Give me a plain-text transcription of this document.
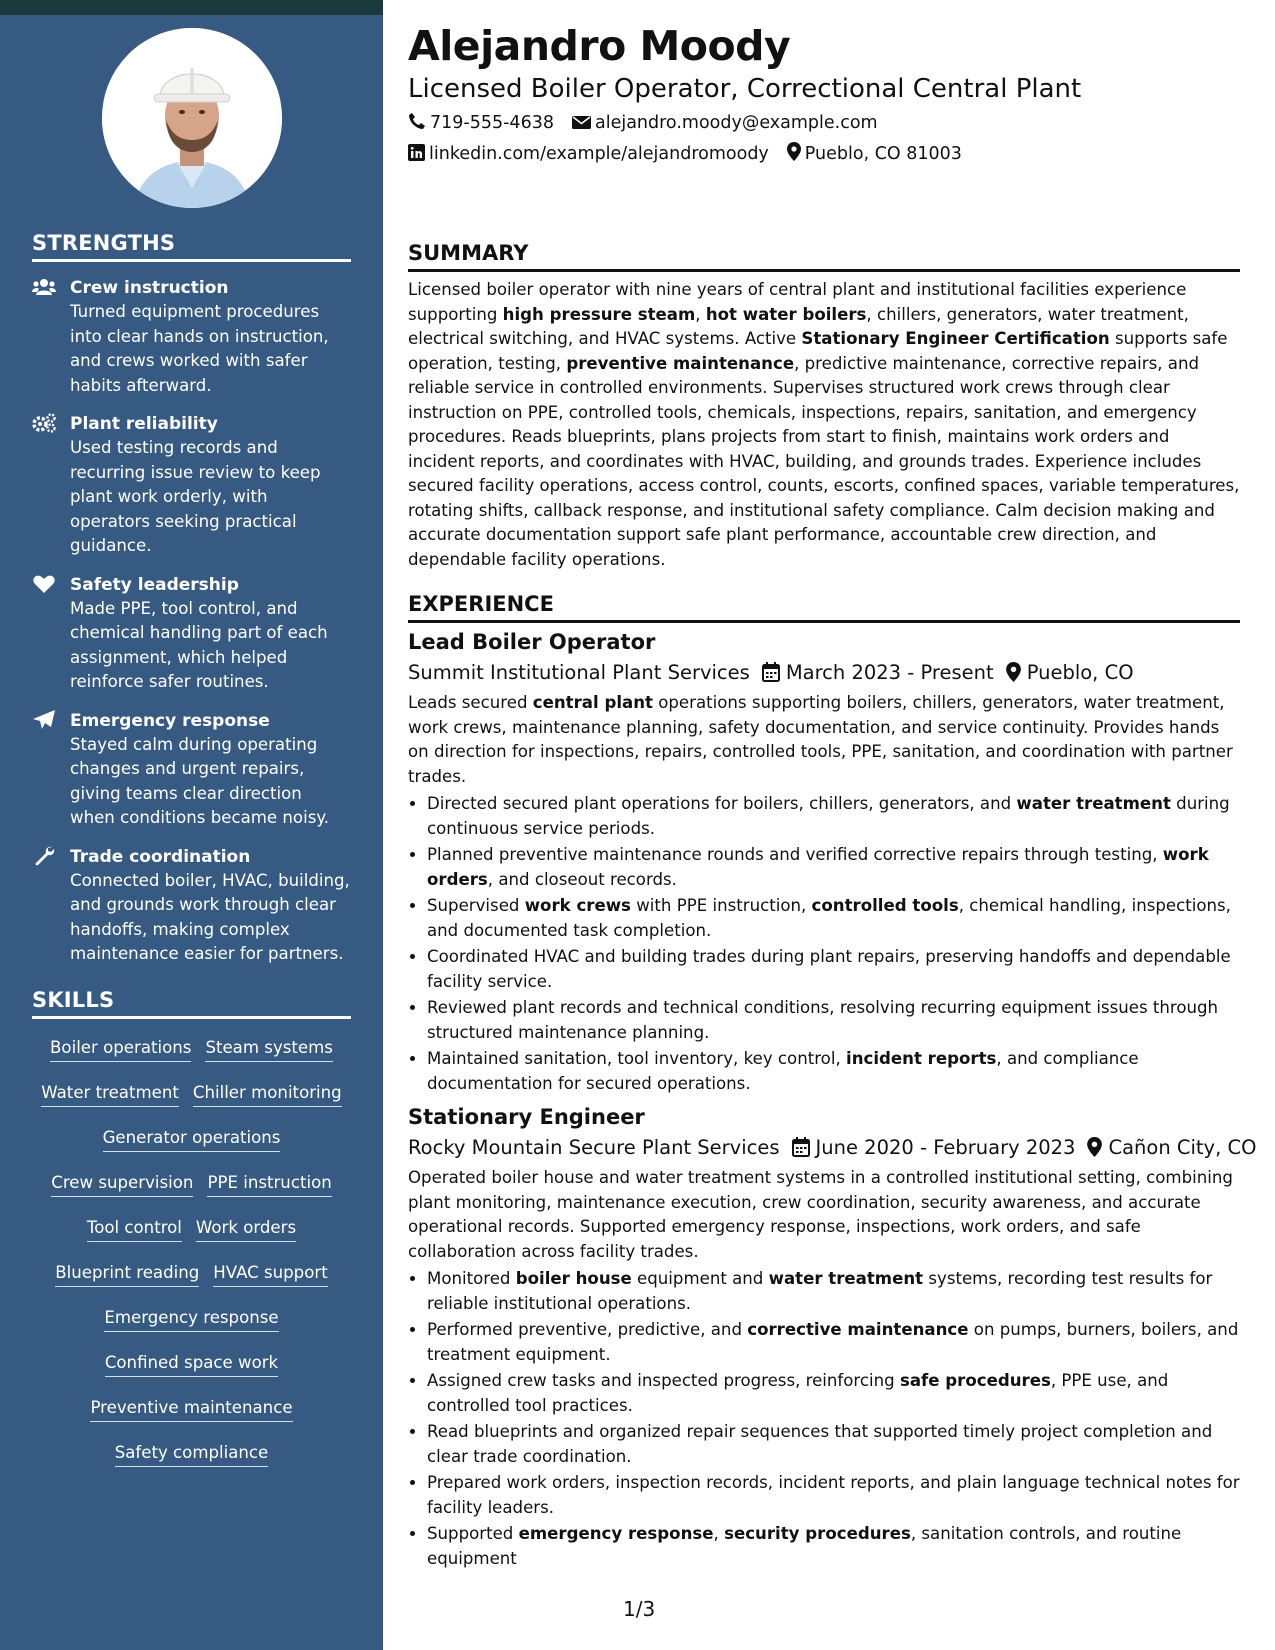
STRENGTHS
Crew instruction
Turned equipment procedures into clear hands on instruction, and crews worked with safer habits afterward.
Plant reliability
Used testing records and recurring issue review to keep plant work orderly, with operators seeking practical guidance.
Safety leadership
Made PPE, tool control, and chemical handling part of each assignment, which helped reinforce safer routines.
Emergency response
Stayed calm during operating changes and urgent repairs, giving teams clear direction when conditions became noisy.
Trade coordination
Connected boiler, HVAC, building, and grounds work through clear handoffs, making complex maintenance easier for partners.
SKILLS
Boiler operations Steam systems
Water treatment Chiller monitoring
Generator operations
Crew supervision PPE instruction
Tool control Work orders
Blueprint reading HVAC support
Emergency response
Confined space work
Preventive maintenance
Safety compliance
Alejandro Moody
Licensed Boiler Operator, Correctional Central Plant
719-555-4638 alejandro.moody@example.com
linkedin.com/example/alejandromoody Pueblo, CO 81003
SUMMARY

Licensed boiler operator with nine years of central plant and institutional facilities experience supporting high pressure steam, hot water boilers, chillers, generators, water treatment, electrical switching, and HVAC systems. Active Stationary Engineer Certification supports safe operation, testing, preventive maintenance, predictive maintenance, corrective repairs, and reliable service in controlled environments. Supervises structured work crews through clear instruction on PPE, controlled tools, chemicals, inspections, repairs, sanitation, and emergency procedures. Reads blueprints, plans projects from start to finish, maintains work orders and incident reports, and coordinates with HVAC, building, and grounds trades. Experience includes secured facility operations, access control, counts, escorts, confined spaces, variable temperatures, rotating shifts, callback response, and institutional safety compliance. Calm decision making and accurate documentation support safe plant performance, accountable crew direction, and dependable facility operations.

EXPERIENCE
Lead Boiler Operator
Summit Institutional Plant Services March 2023 - Present Pueblo, CO

Leads secured central plant operations supporting boilers, chillers, generators, water treatment, work crews, maintenance planning, safety documentation, and service continuity. Provides hands on direction for inspections, repairs, controlled tools, PPE, sanitation, and coordination with partner trades.

• Directed secured plant operations for boilers, chillers, generators, and water treatment during continuous service periods.
• Planned preventive maintenance rounds and verified corrective repairs through testing, work orders, and closeout records.
• Supervised work crews with PPE instruction, controlled tools, chemical handling, inspections, and documented task completion.
• Coordinated HVAC and building trades during plant repairs, preserving handoffs and dependable facility service.
• Reviewed plant records and technical conditions, resolving recurring equipment issues through structured maintenance planning.
• Maintained sanitation, tool inventory, key control, incident reports, and compliance documentation for secured operations.
Stationary Engineer
Rocky Mountain Secure Plant Services June 2020 - February 2023 Cañon City, CO

Operated boiler house and water treatment systems in a controlled institutional setting, combining plant monitoring, maintenance execution, crew coordination, security awareness, and accurate operational records. Supported emergency response, inspections, work orders, and safe collaboration across facility trades.

• Monitored boiler house equipment and water treatment systems, recording test results for reliable institutional operations.
• Performed preventive, predictive, and corrective maintenance on pumps, burners, boilers, and treatment equipment.
• Assigned crew tasks and inspected progress, reinforcing safe procedures, PPE use, and controlled tool practices.
• Read blueprints and organized repair sequences that supported timely project completion and clear trade coordination.
• Prepared work orders, inspection records, incident reports, and plain language technical notes for facility leaders.
• Supported emergency response, security procedures, sanitation controls, and routine equipment
1/3
